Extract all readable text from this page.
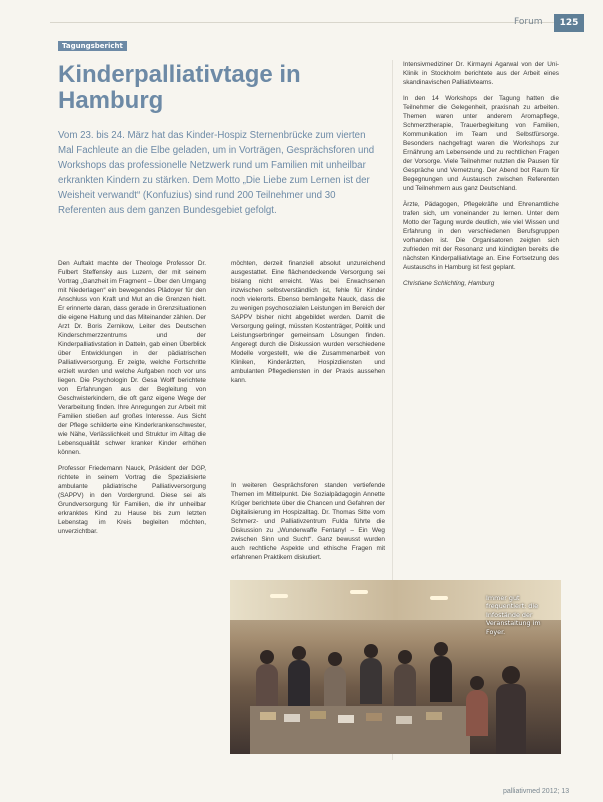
Forum	125
Tagungsbericht
Kinderpalliativtage in Hamburg
Vom 23. bis 24. März hat das Kinder-Hospiz Sternenbrücke zum vierten Mal Fachleute an die Elbe geladen, um in Vorträgen, Gesprächsforen und Workshops das professionelle Netzwerk rund um Familien mit unheilbar erkrankten Kindern zu stärken. Dem Motto „Die Liebe zum Lernen ist der Weisheit verwandt“ (Konfuzius) sind rund 200 Teilnehmer und 30 Referenten aus dem ganzen Bundesgebiet gefolgt.

Den Auftakt machte der Theologe Professor Dr. Fulbert Steffensky aus Luzern, der mit seinem Vortrag „Ganzheit im Fragment – Über den Umgang mit Niederlagen“ ein bewegendes Plädoyer für den Anschluss von Kraft und Mut an die Grenzen hielt. Er erinnerte daran, dass gerade in Grenzsituationen die eigene Haltung und das Miteinander zählen. Der Arzt Dr. Boris Zernikow, Leiter des Deutschen Kinderschmerzzentrums und der Kinderpalliativstation in Datteln, gab einen Überblick über Entwicklungen in der pädiatrischen Palliativversorgung. Er zeigte, welche Fortschritte erzielt wurden und welche Aufgaben noch vor uns liegen. Die Psychologin Dr. Gesa Wolff berichtete von Erfahrungen aus der Begleitung von Geschwisterkindern, die oft ganz eigene Wege der Verarbeitung finden. Ihre Anregungen zur Arbeit mit Familien stießen auf großes Interesse. Aus Sicht der Pflege schilderte eine Kinderkrankenschwester, wie Nähe, Verlässlichkeit und Struktur im Alltag die Lebensqualität schwer kranker Kinder erhöhen können.

Professor Friedemann Nauck, Präsident der DGP, richtete in seinem Vortrag die Spezialisierte ambulante pädiatrische Palliativversorgung (SAPPV) in den Vordergrund. Diese sei als Grundversorgung für Familien, die ihr unheilbar erkranktes Kind zu Hause bis zum letzten Lebenstag im Kreis begleiten möchten, unverzichtbar.

möchten, derzeit finanziell absolut unzureichend ausgestattet. Eine flächendeckende Versorgung sei bislang nicht erreicht. Was bei Erwachsenen inzwischen selbstverständlich ist, fehle für Kinder noch vielerorts. Ebenso bemängelte Nauck, dass die zu wenigen psychosozialen Leistungen im Bereich der SAPPV bisher nicht abgebildet werden. Damit die Versorgung gelingt, müssten Kostenträger, Politik und Leistungserbringer gemeinsam Lösungen finden. Angeregt durch die Diskussion wurden verschiedene Modelle vorgestellt, wie die Zusammenarbeit von Kliniken, Kinderärzten, Hospizdiensten und ambulanten Pflegediensten in der Praxis aussehen kann.

In weiteren Gesprächsforen standen vertiefende Themen im Mittelpunkt. Die Sozialpädagogin Annette Krüger berichtete über die Chancen und Gefahren der Digitalisierung im Hospizalltag. Dr. Thomas Sitte vom Schmerz- und Palliativzentrum Fulda führte die Diskussion zu „Wunderwaffe Fentanyl – Ein Weg zwischen Sinn und Sucht“. Ganz bewusst wurden auch rechtliche Aspekte und ethische Fragen mit erfahrenen Praktikern diskutiert.

Intensivmediziner Dr. Kirmayni Agarwal von der Uni-Klinik in Stockholm berichtete aus der Arbeit eines skandinavischen Palliativteams.

In den 14 Workshops der Tagung hatten die Teilnehmer die Gelegenheit, praxisnah zu arbeiten. Themen waren unter anderem Aromapflege, Schmerztherapie, Trauerbegleitung von Familien, Kommunikation im Team und Selbstfürsorge. Besonders nachgefragt waren die Workshops zur Ernährung am Lebensende und zu rechtlichen Fragen der Vorsorge. Viele Teilnehmer nutzten die Pausen für Gespräche und Vernetzung. Der Abend bot Raum für Begegnungen und Austausch zwischen Referenten und Teilnehmern aus ganz Deutschland.

Ärzte, Pädagogen, Pflegekräfte und Ehrenamtliche trafen sich, um voneinander zu lernen. Unter dem Motto der Tagung wurde deutlich, wie viel Wissen und Erfahrung in den verschiedenen Berufsgruppen vorhanden ist. Die Organisatoren zeigten sich zufrieden mit der Resonanz und kündigten bereits die nächsten Kinderpalliativtage an. Eine Fortsetzung des Austauschs in Hamburg ist fest geplant.

Christiane Schlichting, Hamburg

Immer gut frequentiert: die Infostände der Veranstaltung im Foyer.
palliativmed 2012; 13
